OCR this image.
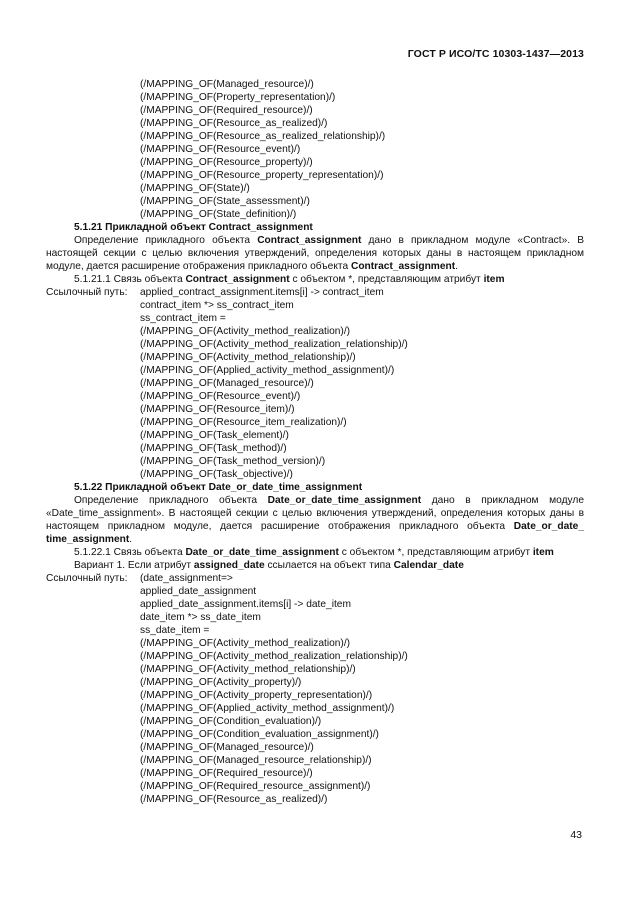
ГОСТ Р ИСО/ТС 10303-1437—2013
(/MAPPING_OF(Managed_resource)/)
(/MAPPING_OF(Property_representation)/)
(/MAPPING_OF(Required_resource)/)
(/MAPPING_OF(Resource_as_realized)/)
(/MAPPING_OF(Resource_as_realized_relationship)/)
(/MAPPING_OF(Resource_event)/)
(/MAPPING_OF(Resource_property)/)
(/MAPPING_OF(Resource_property_representation)/)
(/MAPPING_OF(State)/)
(/MAPPING_OF(State_assessment)/)
(/MAPPING_OF(State_definition)/)
5.1.21 Прикладной объект Contract_assignment
Определение прикладного объекта Contract_assignment дано в прикладном модуле «Contract». В настоящей секции с целью включения утверждений, определения которых даны в настоящем прикладном модуле, дается расширение отображения прикладного объекта Contract_assignment.
5.1.21.1 Связь объекта Contract_assignment с объектом *, представляющим атрибут item
Ссылочный путь:	applied_contract_assignment.items[i] -> contract_item
contract_item *> ss_contract_item
ss_contract_item =
(/MAPPING_OF(Activity_method_realization)/)
(/MAPPING_OF(Activity_method_realization_relationship)/)
(/MAPPING_OF(Activity_method_relationship)/)
(/MAPPING_OF(Applied_activity_method_assignment)/)
(/MAPPING_OF(Managed_resource)/)
(/MAPPING_OF(Resource_event)/)
(/MAPPING_OF(Resource_item)/)
(/MAPPING_OF(Resource_item_realization)/)
(/MAPPING_OF(Task_element)/)
(/MAPPING_OF(Task_method)/)
(/MAPPING_OF(Task_method_version)/)
(/MAPPING_OF(Task_objective)/)
5.1.22 Прикладной объект Date_or_date_time_assignment
Определение прикладного объекта Date_or_date_time_assignment дано в прикладном модуле «Date_time_assignment». В настоящей секции с целью включения утверждений, определения которых даны в настоящем прикладном модуле, дается расширение отображения прикладного объекта Date_or_date_ time_assignment.
5.1.22.1 Связь объекта Date_or_date_time_assignment с объектом *, представляющим атрибут item
Вариант 1. Если атрибут assigned_date ссылается на объект типа Calendar_date
Ссылочный путь:	(date_assignment=>
applied_date_assignment
applied_date_assignment.items[i] -> date_item
date_item *> ss_date_item
ss_date_item =
(/MAPPING_OF(Activity_method_realization)/)
(/MAPPING_OF(Activity_method_realization_relationship)/)
(/MAPPING_OF(Activity_method_relationship)/)
(/MAPPING_OF(Activity_property)/)
(/MAPPING_OF(Activity_property_representation)/)
(/MAPPING_OF(Applied_activity_method_assignment)/)
(/MAPPING_OF(Condition_evaluation)/)
(/MAPPING_OF(Condition_evaluation_assignment)/)
(/MAPPING_OF(Managed_resource)/)
(/MAPPING_OF(Managed_resource_relationship)/)
(/MAPPING_OF(Required_resource)/)
(/MAPPING_OF(Required_resource_assignment)/)
(/MAPPING_OF(Resource_as_realized)/)
43
